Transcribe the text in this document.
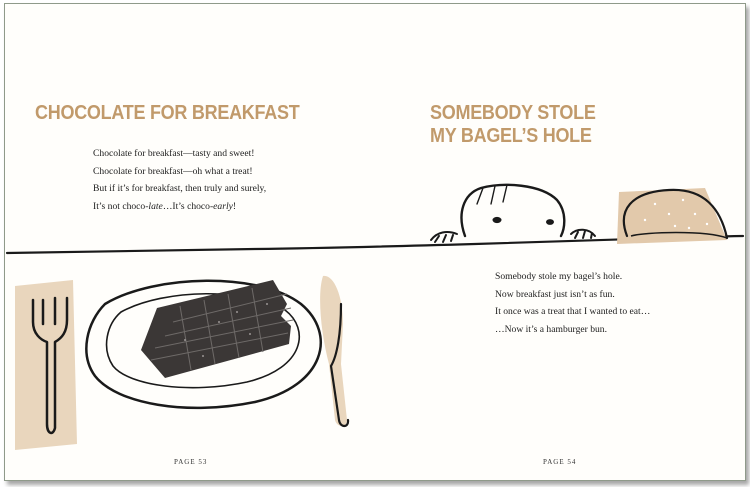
CHOCOLATE FOR BREAKFAST
Chocolate for breakfast—tasty and sweet!
Chocolate for breakfast—oh what a treat!
But if it’s for breakfast, then truly and surely,
It’s not choco-late…It’s choco-early!
PAGE 53
SOMEBODY STOLE
MY BAGEL’S HOLE
Somebody stole my bagel’s hole.
Now breakfast just isn’t as fun.
It once was a treat that I wanted to eat…
…Now it’s a hamburger bun.
PAGE 54
